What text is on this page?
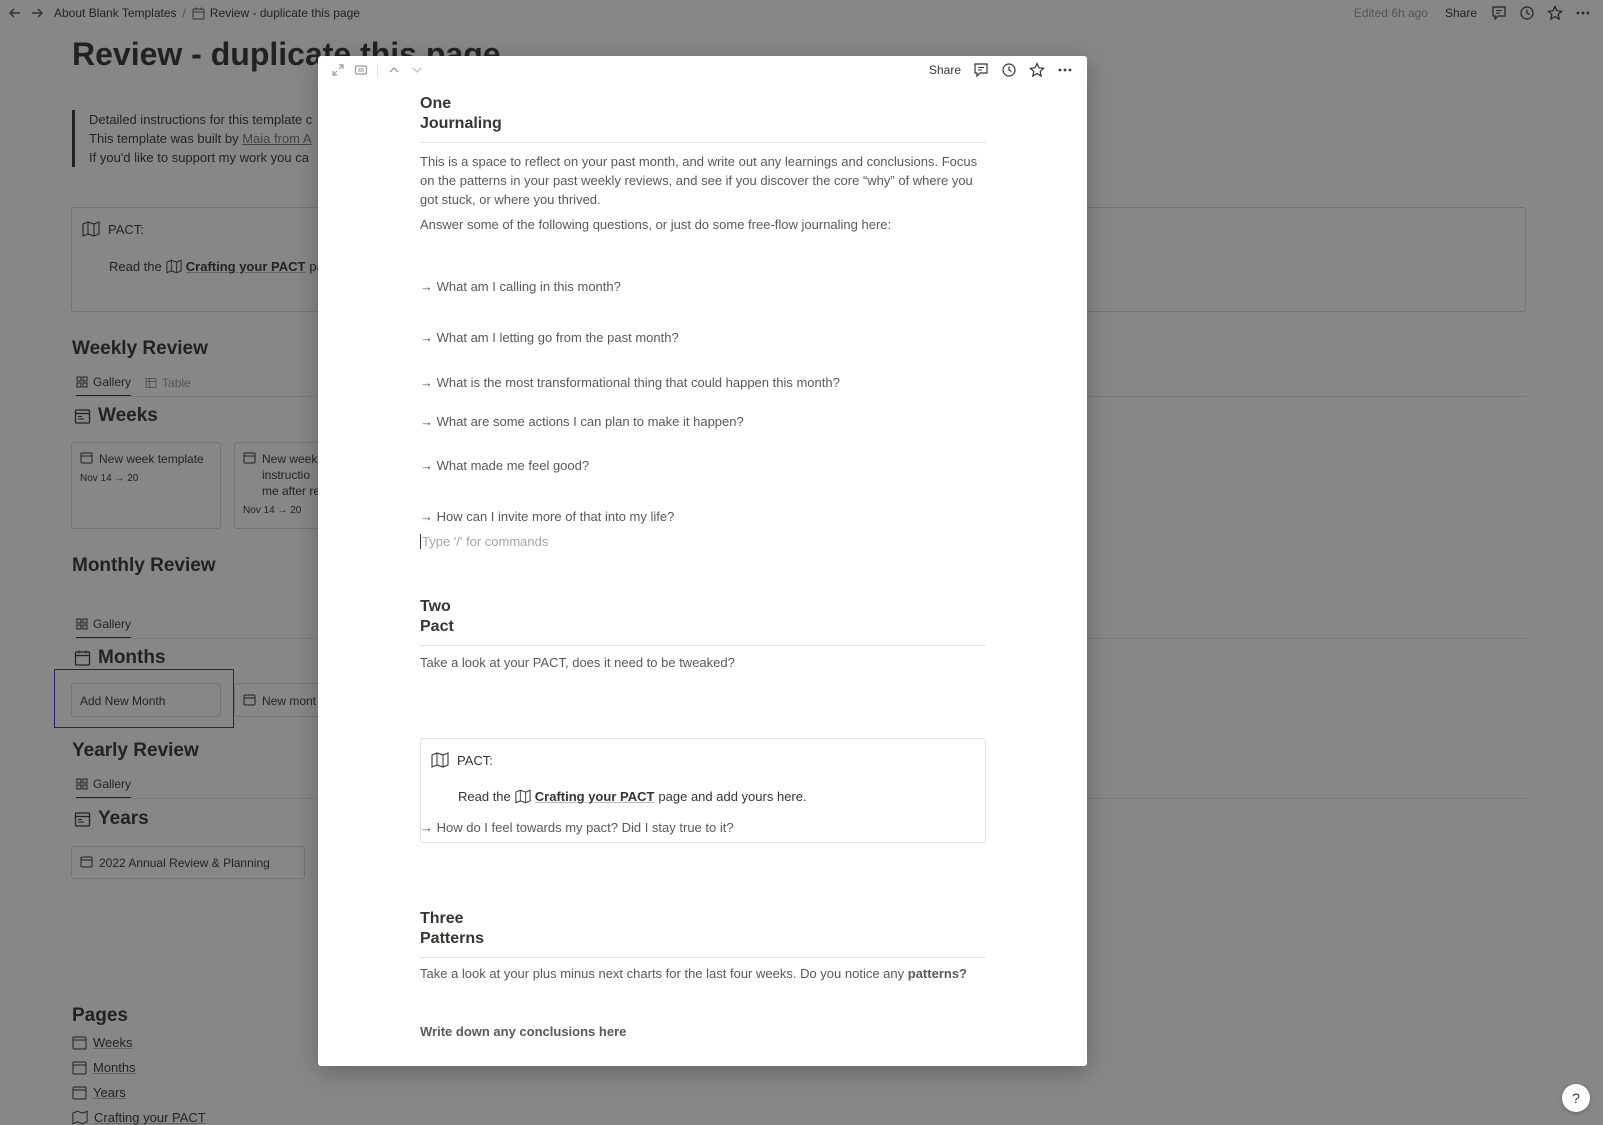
?
Share
One
Journaling
This is a space to reflect on your past month, and write out any learnings and conclusions. Focus on the patterns in your past weekly reviews, and see if you discover the core “why” of where you got stuck, or where you thrived.
Answer some of the following questions, or just do some free-flow journaling here:
→ What am I calling in this month?
→ What am I letting go from the past month?
→ What is the most transformational thing that could happen this month?
→ What are some actions I can plan to make it happen?
→ What made me feel good?
→ How can I invite more of that into my life?
Type '/' for commands
Two
Pact
Take a look at your PACT, does it need to be tweaked?
PACT:
Read the Crafting your PACT page and add yours here.
→ How do I feel towards my pact? Did I stay true to it?
Three
Patterns
Take a look at your plus minus next charts for the last four weeks. Do you notice any patterns?
Write down any conclusions here
